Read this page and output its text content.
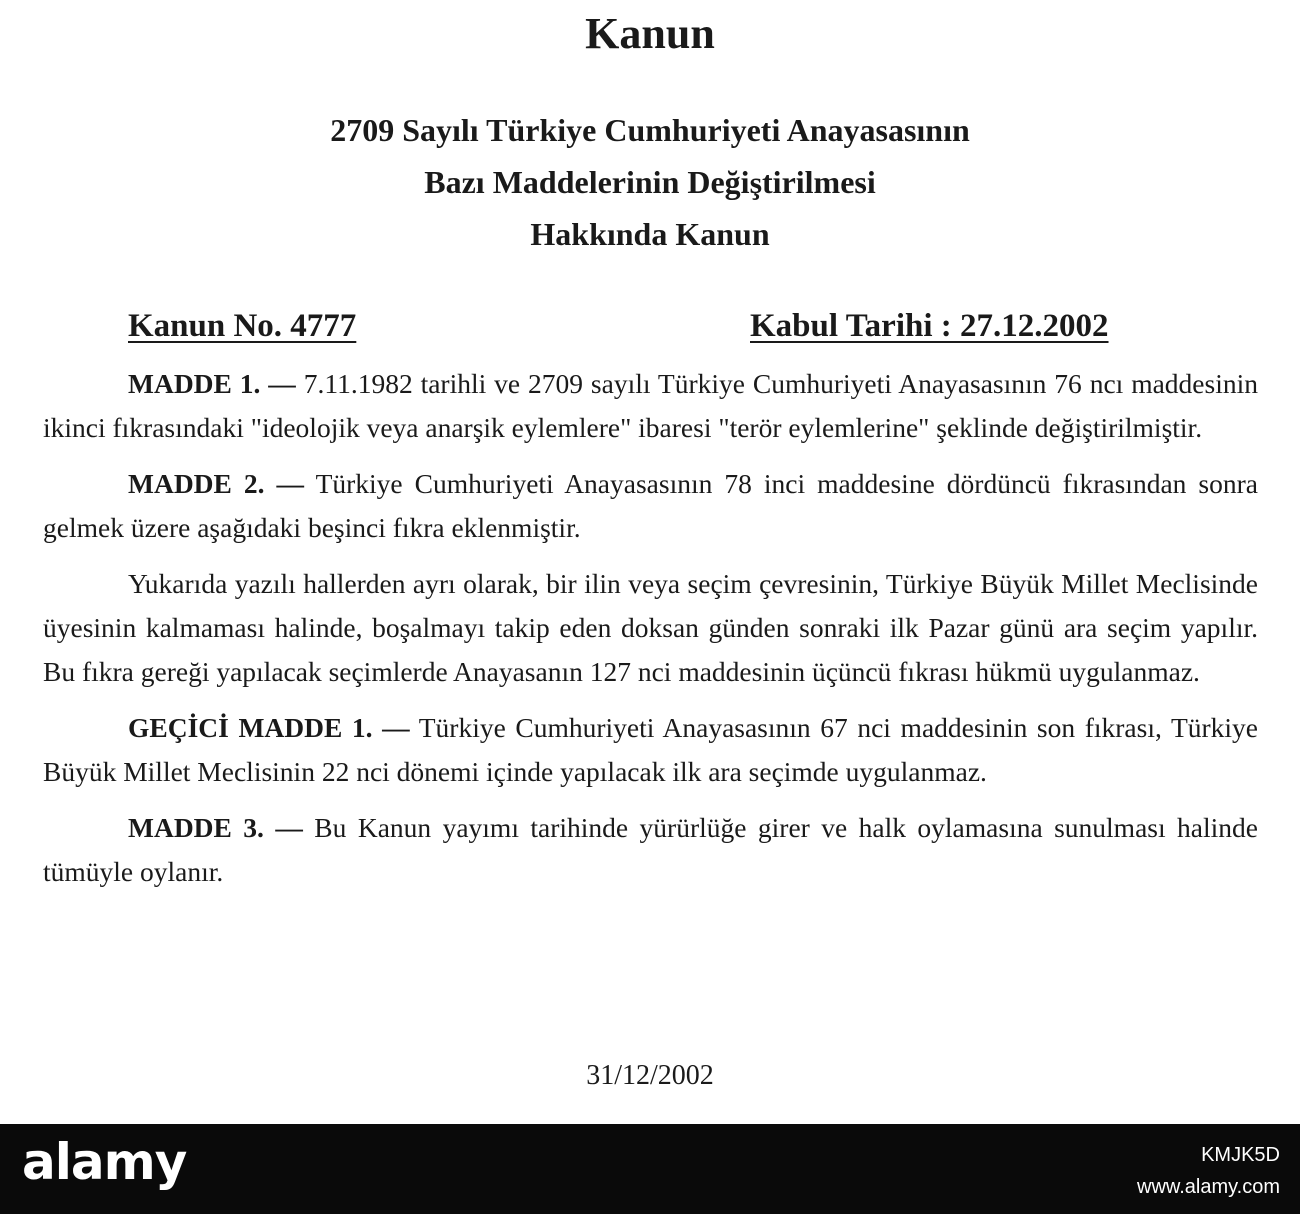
Kanun
2709 Sayılı Türkiye Cumhuriyeti Anayasasının
Bazı Maddelerinin Değiştirilmesi
Hakkında Kanun
Kanun No. 4777	Kabul Tarihi : 27.12.2002

MADDE 1. — 7.11.1982 tarihli ve 2709 sayılı Türkiye Cumhuriyeti Anayasasının 76 ncı maddesinin ikinci fıkrasındaki "ideolojik veya anarşik eylemlere" ibaresi "terör eylemlerine" şeklinde değiştirilmiştir.

MADDE 2. — Türkiye Cumhuriyeti Anayasasının 78 inci maddesine dördüncü fıkrasından sonra gelmek üzere aşağıdaki beşinci fıkra eklenmiştir.

Yukarıda yazılı hallerden ayrı olarak, bir ilin veya seçim çevresinin, Türkiye Büyük Millet Meclisinde üyesinin kalmaması halinde, boşalmayı takip eden doksan günden sonraki ilk Pazar günü ara seçim yapılır. Bu fıkra gereği yapılacak seçimlerde Anayasanın 127 nci maddesinin üçüncü fıkrası hükmü uygulanmaz.

GEÇİCİ MADDE 1. — Türkiye Cumhuriyeti Anayasasının 67 nci maddesinin son fıkrası, Türkiye Büyük Millet Meclisinin 22 nci dönemi içinde yapılacak ilk ara seçimde uygulanmaz.

MADDE 3. — Bu Kanun yayımı tarihinde yürürlüğe girer ve halk oylamasına sunulması halinde tümüyle oylanır.

31/12/2002
alamy	KMJK5D
www.alamy.com
